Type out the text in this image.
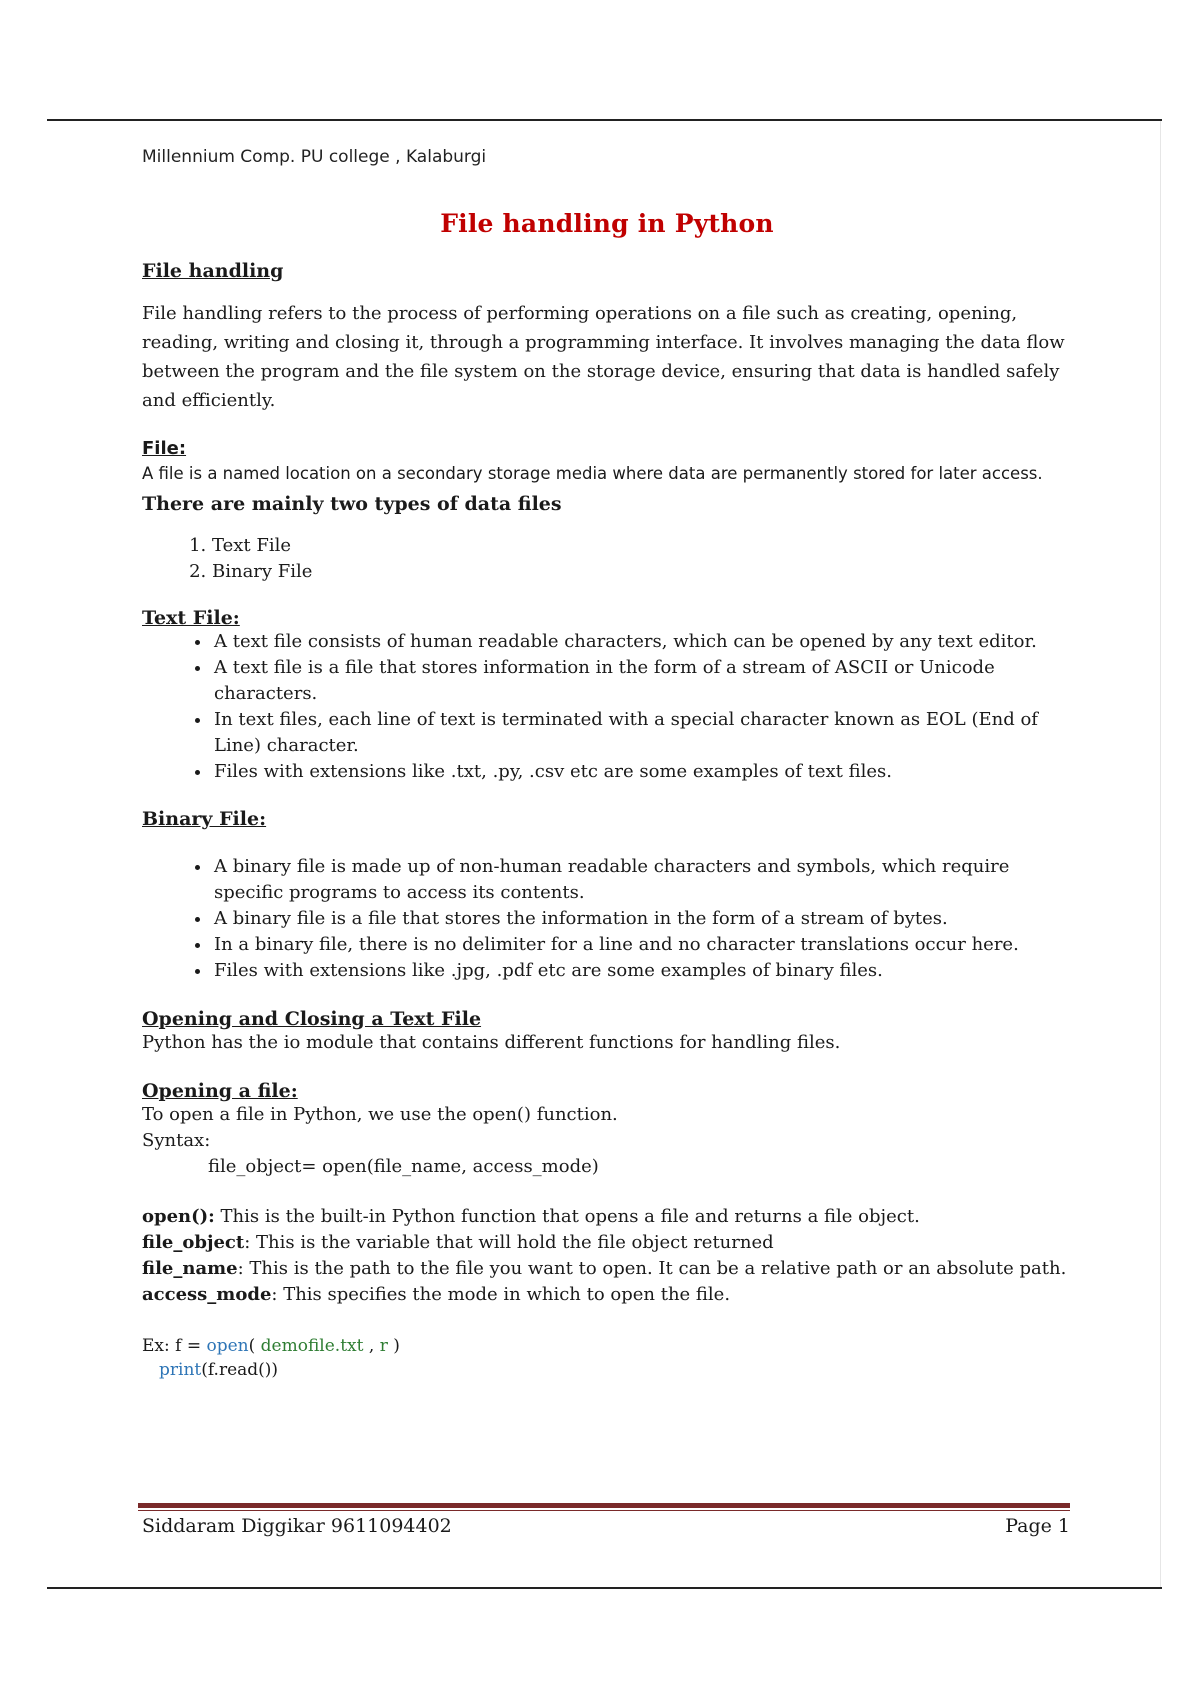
Millennium Comp. PU college , Kalaburgi

File handling in Python
File handling

File handling refers to the process of performing operations on a file such as creating, opening, reading, writing and closing it, through a programming interface. It involves managing the data flow between the program and the file system on the storage device, ensuring that data is handled safely and efficiently.

File:

A file is a named location on a secondary storage media where data are permanently stored for later access.

There are mainly two types of data files
1. Text File
2. Binary File
Text File:
• A text file consists of human readable characters, which can be opened by any text editor.
• A text file is a file that stores information in the form of a stream of ASCII or Unicode characters.
• In text files, each line of text is terminated with a special character known as EOL (End of Line) character.
• Files with extensions like .txt, .py, .csv etc are some examples of text files.
Binary File:
• A binary file is made up of non-human readable characters and symbols, which require specific programs to access its contents.
• A binary file is a file that stores the information in the form of a stream of bytes.
• In a binary file, there is no delimiter for a line and no character translations occur here.
• Files with extensions like .jpg, .pdf etc are some examples of binary files.
Opening and Closing a Text File

Python has the io module that contains different functions for handling files.

Opening a file:

To open a file in Python, we use the open() function.

Syntax:

file_object= open(file_name, access_mode)

open(): This is the built-in Python function that opens a file and returns a file object.

file_object: This is the variable that will hold the file object returned

file_name: This is the path to the file you want to open. It can be a relative path or an absolute path.

access_mode: This specifies the mode in which to open the file.

Ex: f = open( demofile.txt , r )

print(f.read())

Siddaram Diggikar 9611094402	Page 1
